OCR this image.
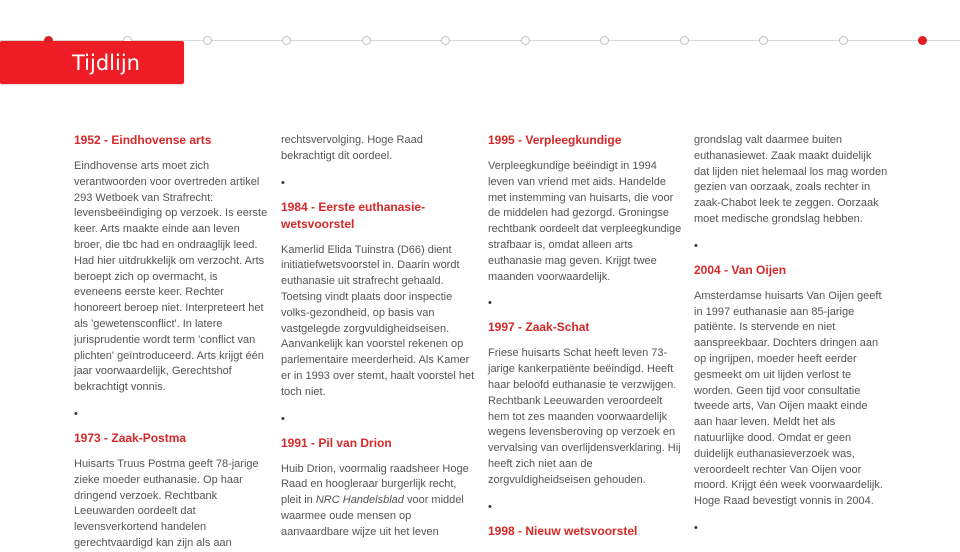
Tijdlijn
1952 - Eindhovense arts

Eindhovense arts moet zich verantwoorden voor overtreden artikel 293 Wetboek van Strafrecht: levensbeëindiging op verzoek. Is eerste keer. Arts maakte einde aan leven broer, die tbc had en ondraaglijk leed. Had hier uitdrukkelijk om verzocht. Arts beroept zich op overmacht, is eveneens eerste keer. Rechter honoreert beroep niet. Interpreteert het als 'gewetensconflict'. In latere jurisprudentie wordt term 'conflict van plichten' geïntroduceerd. Arts krijgt één jaar voorwaardelijk, Gerechtshof bekrachtigt vonnis.

•
1973 - Zaak-Postma

Huisarts Truus Postma geeft 78-jarige zieke moeder euthanasie. Op haar dringend verzoek. Rechtbank Leeuwarden oordeelt dat levensverkortend handelen gerechtvaardigd kan zijn als aan

rechtsvervolging. Hoge Raad bekrachtigt dit oordeel.

•
1984 - Eerste euthanasie-wetsvoorstel

Kamerlid Elida Tuinstra (D66) dient initiatiefwetsvoorstel in. Daarin wordt euthanasie uit strafrecht gehaald. Toetsing vindt plaats door inspectie volks-gezondheid, op basis van vastgelegde zorgvuldigheidseisen. Aanvankelijk kan voorstel rekenen op parlementaire meerderheid. Als Kamer er in 1993 over stemt, haalt voorstel het toch niet.

•
1991 - Pil van Drion

Huib Drion, voormalig raadsheer Hoge Raad en hoogleraar burgerlijk recht, pleit in NRC Handelsblad voor middel waarmee oude mensen op aanvaardbare wijze uit het leven

1995 - Verpleegkundige

Verpleegkundige beëindigt in 1994 leven van vriend met aids. Handelde met instemming van huisarts, die voor de middelen had gezorgd. Groningse rechtbank oordeelt dat verpleegkundige strafbaar is, omdat alleen arts euthanasie mag geven. Krijgt twee maanden voorwaardelijk.

•
1997 - Zaak-Schat

Friese huisarts Schat heeft leven 73-jarige kankerpatiënte beëindigd. Heeft haar beloofd euthanasie te verzwijgen. Rechtbank Leeuwarden veroordeelt hem tot zes maanden voorwaardelijk wegens levensberoving op verzoek en vervalsing van overlijdensverklaring. Hij heeft zich niet aan de zorgvuldigheidseisen gehouden.

•
1998 - Nieuw wetsvoorstel

grondslag valt daarmee buiten euthanasiewet. Zaak maakt duidelijk dat lijden niet helemaal los mag worden gezien van oorzaak, zoals rechter in zaak-Chabot leek te zeggen. Oorzaak moet medische grondslag hebben.

•
2004 - Van Oijen

Amsterdamse huisarts Van Oijen geeft in 1997 euthanasie aan 85-jarige patiënte. Is stervende en niet aanspreekbaar. Dochters dringen aan op ingrijpen, moeder heeft eerder gesmeekt om uit lijden verlost te worden. Geen tijd voor consultatie tweede arts, Van Oijen maakt einde aan haar leven. Meldt het als natuurlijke dood. Omdat er geen duidelijk euthanasieverzoek was, veroordeelt rechter Van Oijen voor moord. Krijgt één week voorwaardelijk. Hoge Raad bevestigt vonnis in 2004.

•
